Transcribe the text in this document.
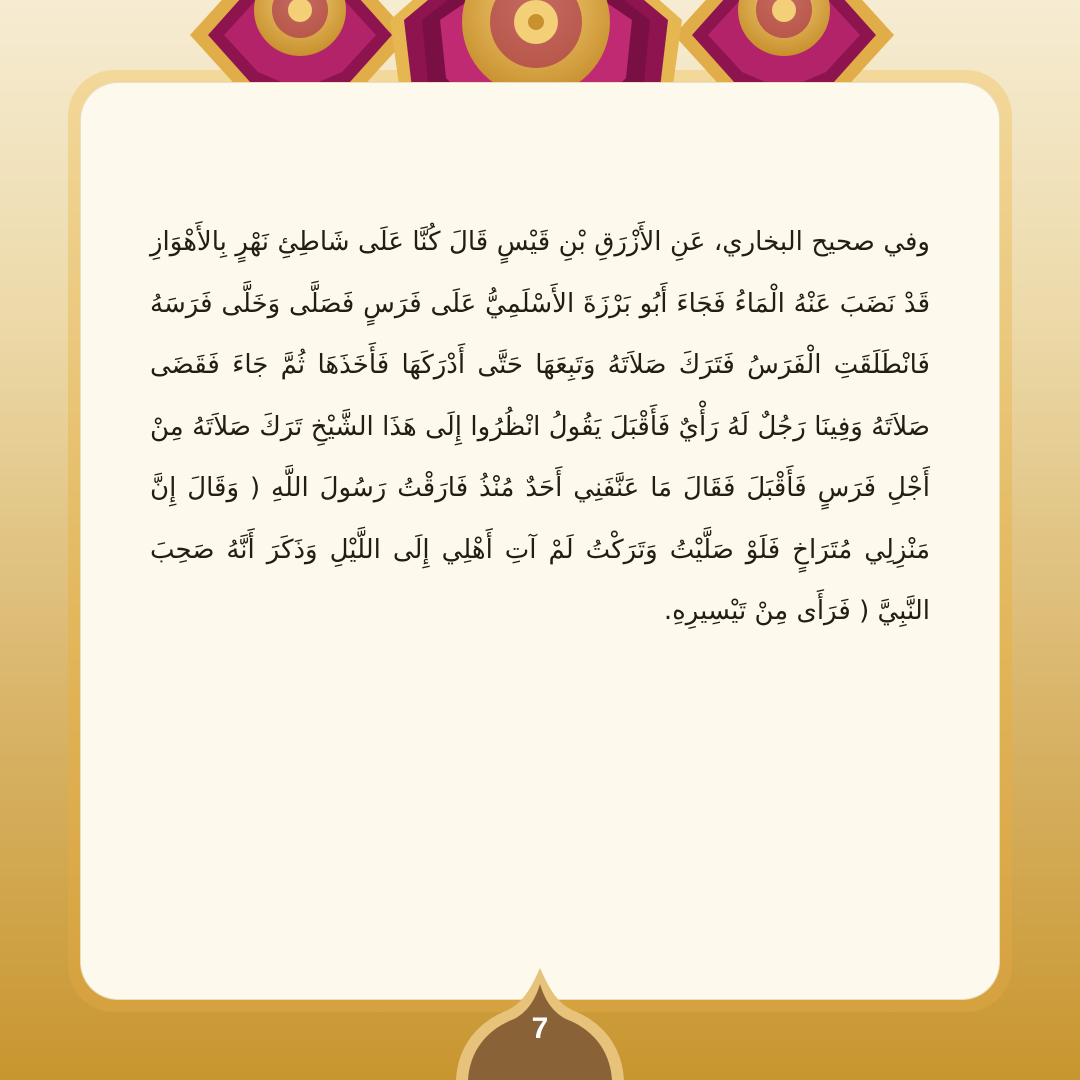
وفي صحيح البخاري، عَنِ الأَزْرَقِ بْنِ قَيْسٍ قَالَ كُنَّا عَلَى شَاطِئِ نَهْرٍ بِالأَهْوَازِ قَدْ نَضَبَ عَنْهُ الْمَاءُ فَجَاءَ أَبُو بَرْزَةَ الأَسْلَمِيُّ عَلَى فَرَسٍ فَصَلَّى وَخَلَّى فَرَسَهُ فَانْطَلَقَتِ الْفَرَسُ فَتَرَكَ صَلاَتَهُ وَتَبِعَهَا حَتَّى أَدْرَكَهَا فَأَخَذَهَا ثُمَّ جَاءَ فَقَضَى صَلاَتَهُ وَفِينَا رَجُلٌ لَهُ رَأْيٌ فَأَقْبَلَ يَقُولُ انْظُرُوا إِلَى هَذَا الشَّيْخِ تَرَكَ صَلاَتَهُ مِنْ أَجْلِ فَرَسٍ فَأَقْبَلَ فَقَالَ مَا عَنَّفَنِي أَحَدٌ مُنْذُ فَارَقْتُ رَسُولَ اللَّهِ ( وَقَالَ إِنَّ مَنْزِلِي مُتَرَاخٍ فَلَوْ صَلَّيْتُ وَتَرَكْتُ لَمْ آتِ أَهْلِي إِلَى اللَّيْلِ وَذَكَرَ أَنَّهُ صَحِبَ النَّبِيَّ ( فَرَأَى مِنْ تَيْسِيرِهِ.
7
